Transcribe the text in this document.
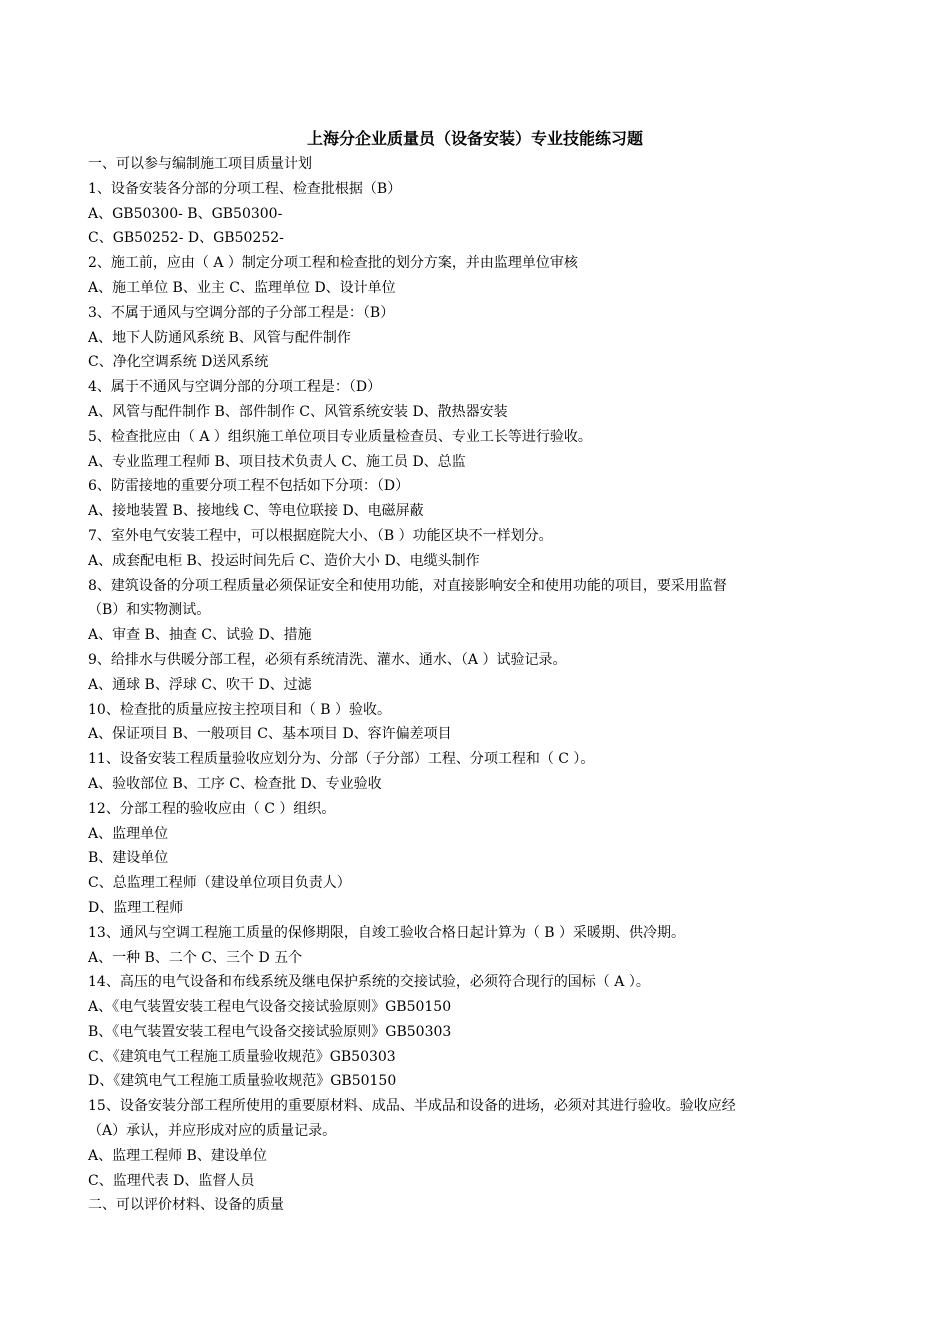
上海分企业质量员（设备安装）专业技能练习题
一、可以参与编制施工项目质量计划
1、设备安装各分部的分项工程、检查批根据（B）
A、GB50300- B、GB50300-
C、GB50252- D、GB50252-
2、施工前，应由（ A ）制定分项工程和检查批的划分方案，并由监理单位审核
A、施工单位 B、业主 C、监理单位 D、设计单位
3、不属于通风与空调分部的子分部工程是：（B）
A、地下人防通风系统 B、风管与配件制作
C、净化空调系统 D送风系统
4、属于不通风与空调分部的分项工程是：（D）
A、风管与配件制作 B、部件制作 C、风管系统安装 D、散热器安装
5、检查批应由（ A ）组织施工单位项目专业质量检查员、专业工长等进行验收。
A、专业监理工程师 B、项目技术负责人 C、施工员 D、总监
6、防雷接地的重要分项工程不包括如下分项：（D）
A、接地装置 B、接地线 C、等电位联接 D、电磁屏蔽
7、室外电气安装工程中，可以根据庭院大小、（B ）功能区块不一样划分。
A、成套配电柜 B、投运时间先后 C、造价大小 D、电缆头制作
8、建筑设备的分项工程质量必须保证安全和使用功能，对直接影响安全和使用功能的项目，要采用监督
（B）和实物测试。
A、审查 B、抽查 C、试验 D、措施
9、给排水与供暖分部工程，必须有系统清洗、灌水、通水、（A ）试验记录。
A、通球 B、浮球 C、吹干 D、过滤
10、检查批的质量应按主控项目和（ B ）验收。
A、保证项目 B、一般项目 C、基本项目 D、容许偏差项目
11、设备安装工程质量验收应划分为、分部（子分部）工程、分项工程和（ C ）。
A、验收部位 B、工序 C、检查批 D、专业验收
12、分部工程的验收应由（ C ）组织。
A、监理单位
B、建设单位
C、总监理工程师（建设单位项目负责人）
D、监理工程师
13、通风与空调工程施工质量的保修期限，自竣工验收合格日起计算为（ B ）采暖期、供冷期。
A、一种 B、二个 C、三个 D 五个
14、高压的电气设备和布线系统及继电保护系统的交接试验，必须符合现行的国标（ A ）。
A、《电气装置安装工程电气设备交接试验原则》GB50150
B、《电气装置安装工程电气设备交接试验原则》GB50303
C、《建筑电气工程施工质量验收规范》GB50303
D、《建筑电气工程施工质量验收规范》GB50150
15、设备安装分部工程所使用的重要原材料、成品、半成品和设备的进场，必须对其进行验收。验收应经
（A）承认，并应形成对应的质量记录。
A、监理工程师 B、建设单位
C、监理代表 D、监督人员
二、可以评价材料、设备的质量
